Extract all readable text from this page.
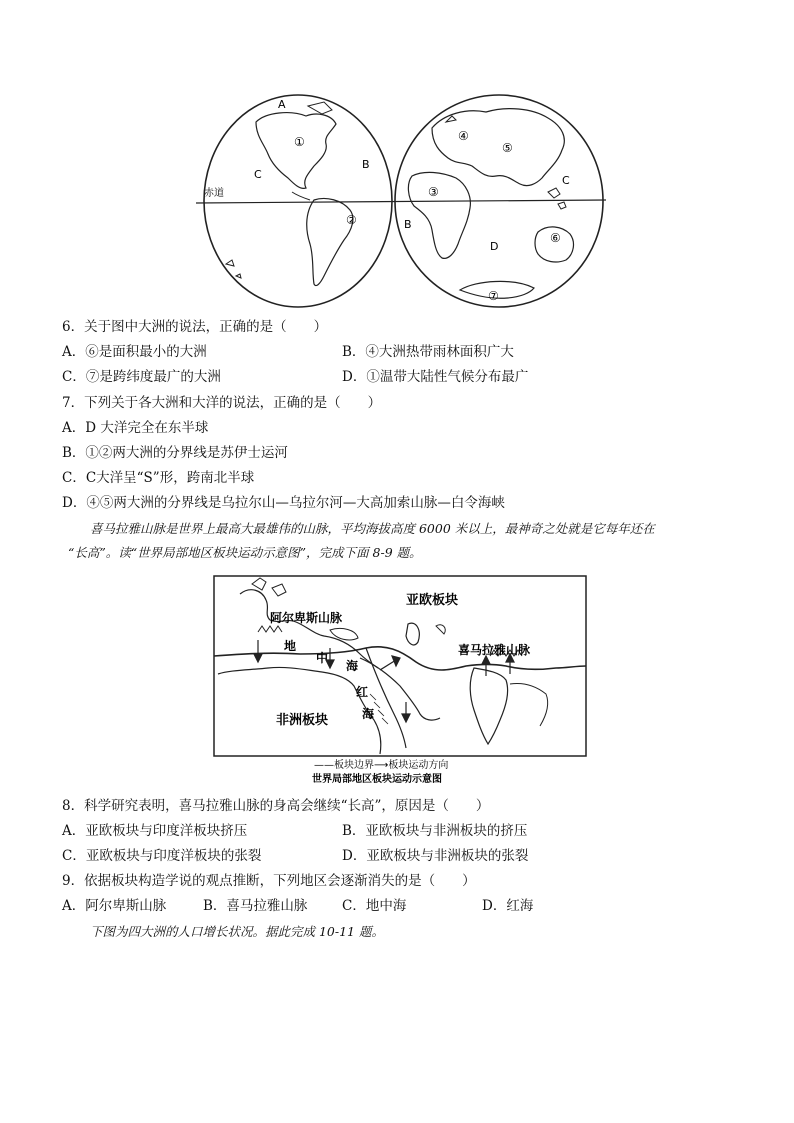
A
B
C
赤道
①
②
③
④
⑤
⑥
⑦
B
C
D
6．关于图中大洲的说法，正确的是（　　）
A．⑥是面积最小的大洲	B．④大洲热带雨林面积广大
C．⑦是跨纬度最广的大洲	D．①温带大陆性气候分布最广
7．下列关于各大洲和大洋的说法，正确的是（　　）
A．D 大洋完全在东半球
B．①②两大洲的分界线是苏伊士运河
C．C大洋呈“S”形，跨南北半球
D．④⑤两大洲的分界线是乌拉尔山—乌拉尔河—大高加索山脉—白令海峡
喜马拉雅山脉是世界上最高大最雄伟的山脉，平均海拔高度 6000 米以上，最神奇之处就是它每年还在
“长高”。读“世界局部地区板块运动示意图”，完成下面 8-9 题。
亚欧板块
阿尔卑斯山脉
喜马拉雅山脉
地
中
海
非洲板块
红
海
——板块边界⟶板块运动方向
世界局部地区板块运动示意图
8．科学研究表明，喜马拉雅山脉的身高会继续“长高”，原因是（　　）
A．亚欧板块与印度洋板块挤压	B．亚欧板块与非洲板块的挤压
C．亚欧板块与印度洋板块的张裂	D．亚欧板块与非洲板块的张裂
9．依据板块构造学说的观点推断，下列地区会逐渐消失的是（　　）
A．阿尔卑斯山脉	B．喜马拉雅山脉	C．地中海	D．红海
下图为四大洲的人口增长状况。据此完成 10-11 题。
